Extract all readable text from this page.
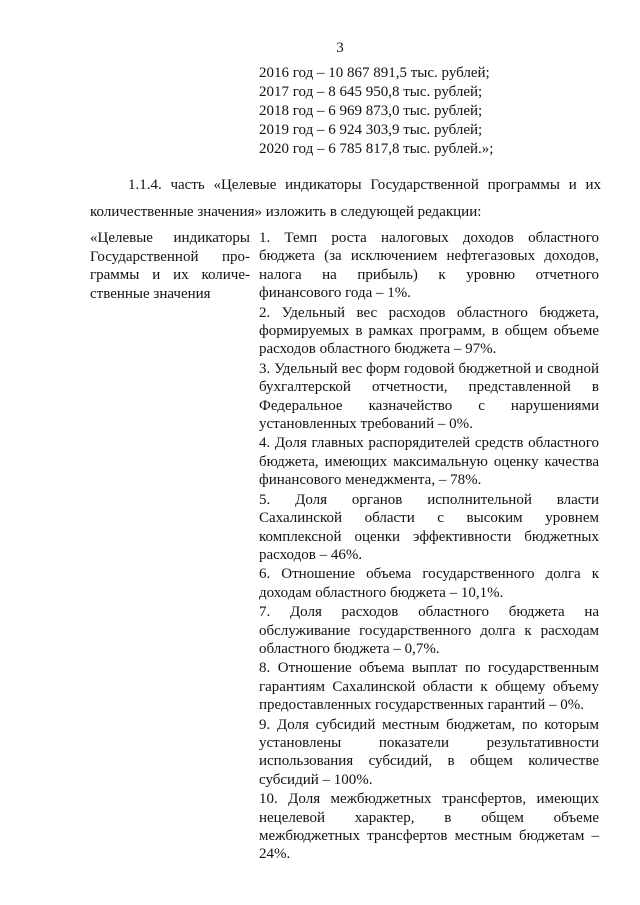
3
2016 год – 10 867 891,5 тыс. рублей;
2017 год – 8 645 950,8 тыс. рублей;
2018 год – 6 969 873,0 тыс. рублей;
2019 год – 6 924 303,9 тыс. рублей;
2020 год – 6 785 817,8 тыс. рублей.»;
1.1.4. часть «Целевые индикаторы Государственной программы и их
количественные значения» изложить в следующей редакции:
«Целевые индикаторы
Государственной про-
граммы и их количе-
ственные значения

1. Темп роста налоговых доходов областного бюджета (за исключением нефтегазовых доходов, налога на прибыль) к уровню отчетного финансового года – 1%.

2. Удельный вес расходов областного бюджета, формируемых в рамках программ, в общем объеме расходов областного бюджета – 97%.

3. Удельный вес форм годовой бюджетной и сводной бухгалтерской отчетности, представленной в Федеральное казначейство с нарушениями установленных требований – 0%.

4. Доля главных распорядителей средств областного бюджета, имеющих максимальную оценку качества финансового менеджмента, – 78%.

5. Доля органов исполнительной власти Сахалинской области с высоким уровнем комплексной оценки эффективности бюджетных расходов – 46%.

6. Отношение объема государственного долга к доходам областного бюджета – 10,1%.

7. Доля расходов областного бюджета на обслуживание государственного долга к расходам областного бюджета – 0,7%.

8. Отношение объема выплат по государственным гарантиям Сахалинской области к общему объему предоставленных государственных гарантий – 0%.

9. Доля субсидий местным бюджетам, по которым установлены показатели результативности использования субсидий, в общем количестве субсидий – 100%.

10. Доля межбюджетных трансфертов, имеющих нецелевой характер, в общем объеме межбюджетных трансфертов местным бюджетам – 24%.
